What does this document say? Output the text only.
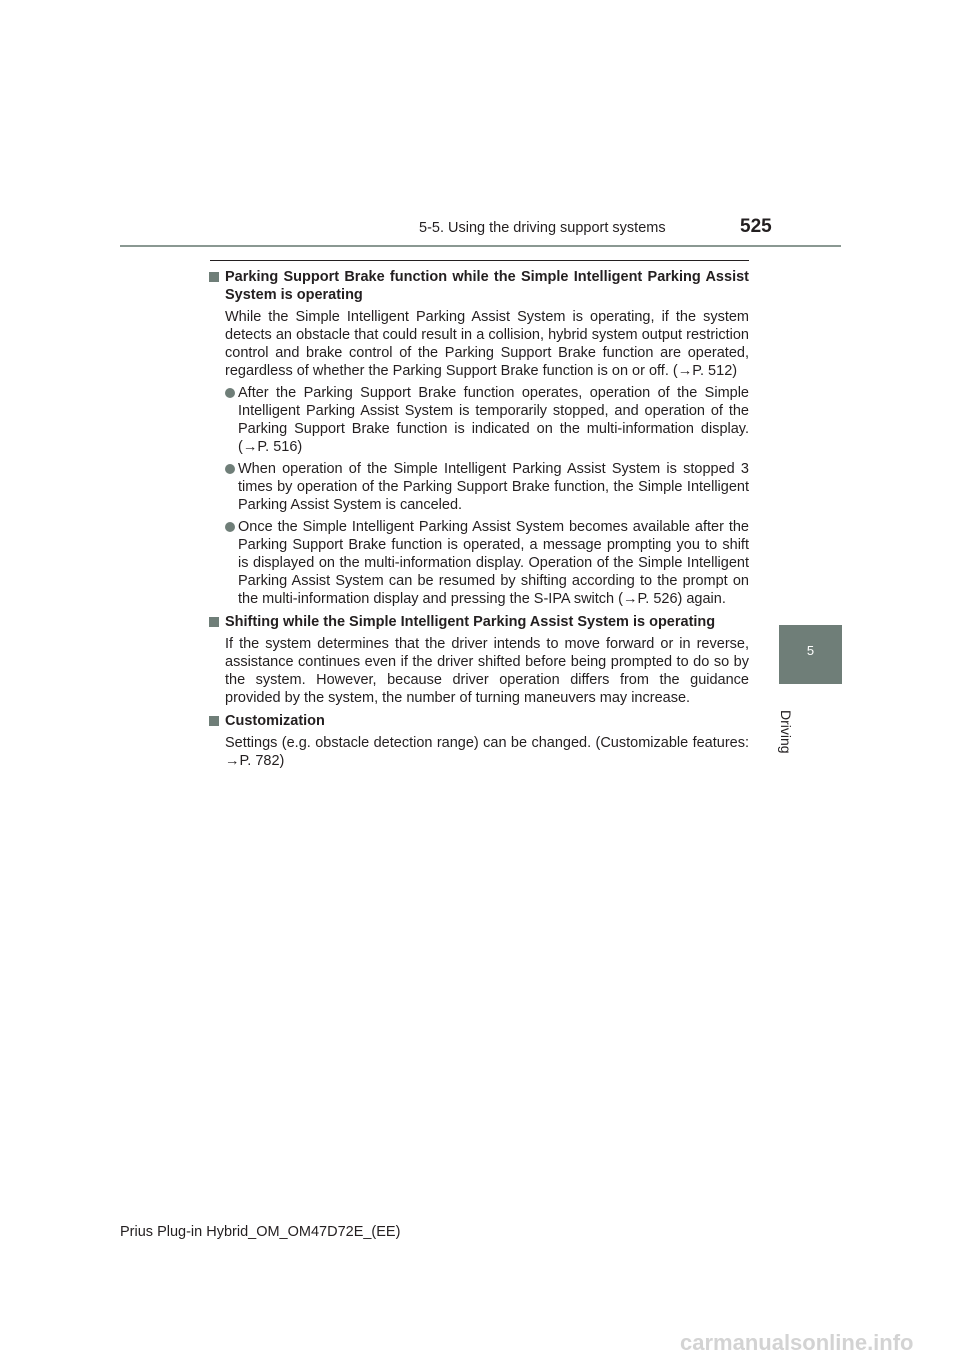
5-5. Using the driving support systems	525
5
Driving

Parking Support Brake function while the Simple Intelligent Parking Assist System is operating

While the Simple Intelligent Parking Assist System is operating, if the system detects an obstacle that could result in a collision, hybrid system output restriction control and brake control of the Parking Support Brake function are operated, regardless of whether the Parking Support Brake function is on or off. (→P. 512)

After the Parking Support Brake function operates, operation of the Simple Intelligent Parking Assist System is temporarily stopped, and operation of the Parking Support Brake function is indicated on the multi-information display. (→P. 516)
When operation of the Simple Intelligent Parking Assist System is stopped 3 times by operation of the Parking Support Brake function, the Simple Intelligent Parking Assist System is canceled.
Once the Simple Intelligent Parking Assist System becomes available after the Parking Support Brake function is operated, a message prompting you to shift is displayed on the multi-information display. Operation of the Simple Intelligent Parking Assist System can be resumed by shifting according to the prompt on the multi-information display and pressing the S-IPA switch (→P. 526) again.

Shifting while the Simple Intelligent Parking Assist System is operating

If the system determines that the driver intends to move forward or in reverse, assistance continues even if the driver shifted before being prompted to do so by the system. However, because driver operation differs from the guidance provided by the system, the number of turning maneuvers may increase.

Customization

Settings (e.g. obstacle detection range) can be changed. (Customizable features: →P. 782)

Prius Plug-in Hybrid_OM_OM47D72E_(EE)
carmanualsonline.info
